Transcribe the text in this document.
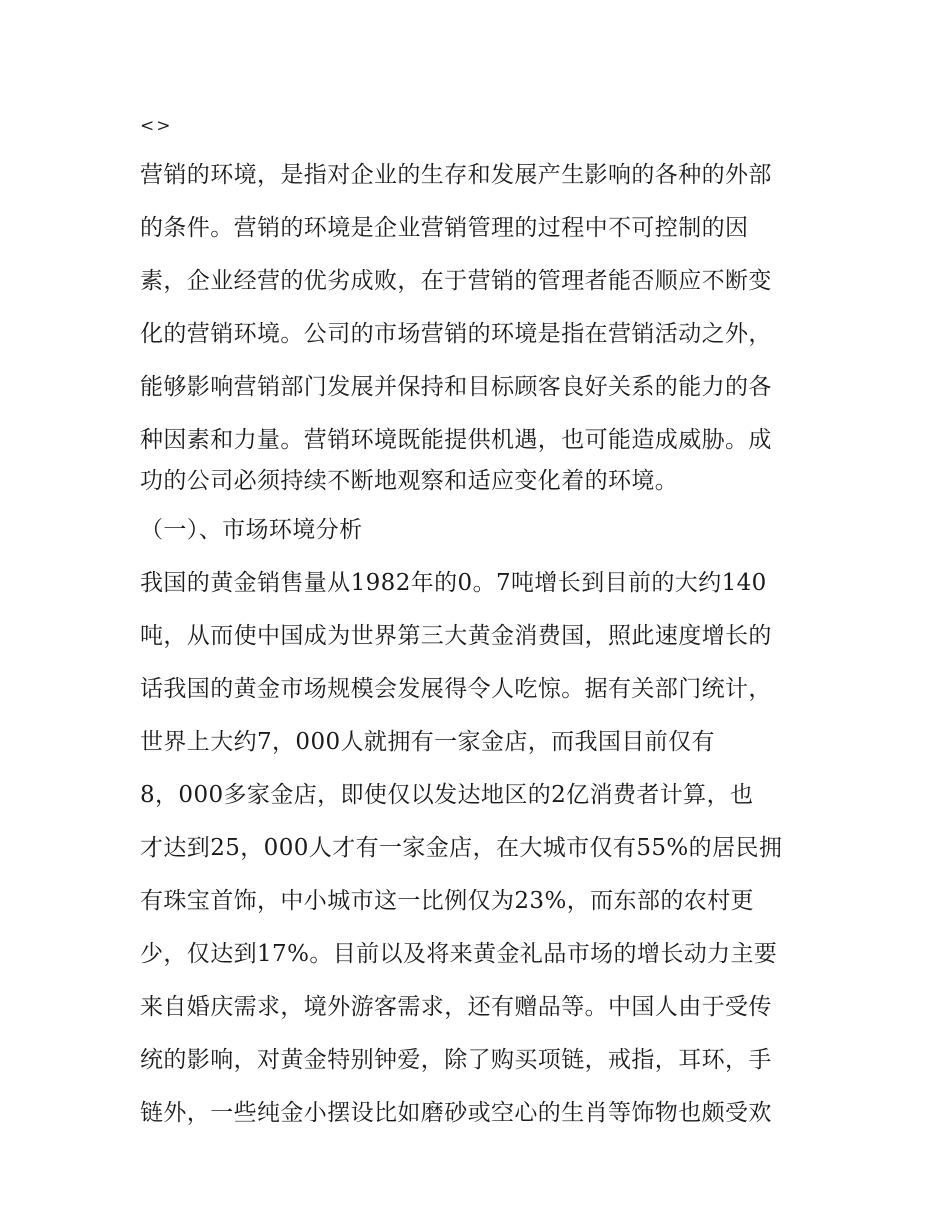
<>
营销的环境，是指对企业的生存和发展产生影响的各种的外部
的条件。营销的环境是企业营销管理的过程中不可控制的因
素，企业经营的优劣成败，在于营销的管理者能否顺应不断变
化的营销环境。公司的市场营销的环境是指在营销活动之外，
能够影响营销部门发展并保持和目标顾客良好关系的能力的各
种因素和力量。营销环境既能提供机遇，也可能造成威胁。成
功的公司必须持续不断地观察和适应变化着的环境。
（一）、市场环境分析
我国的黄金销售量从1982年的0。7吨增长到目前的大约140
吨，从而使中国成为世界第三大黄金消费国，照此速度增长的
话我国的黄金市场规模会发展得令人吃惊。据有关部门统计，
世界上大约7，000人就拥有一家金店，而我国目前仅有
8，000多家金店，即使仅以发达地区的2亿消费者计算，也
才达到25，000人才有一家金店，在大城市仅有55%的居民拥
有珠宝首饰，中小城市这一比例仅为23%，而东部的农村更
少，仅达到17%。目前以及将来黄金礼品市场的增长动力主要
来自婚庆需求，境外游客需求，还有赠品等。中国人由于受传
统的影响，对黄金特别钟爱，除了购买项链，戒指，耳环，手
链外，一些纯金小摆设比如磨砂或空心的生肖等饰物也颇受欢
